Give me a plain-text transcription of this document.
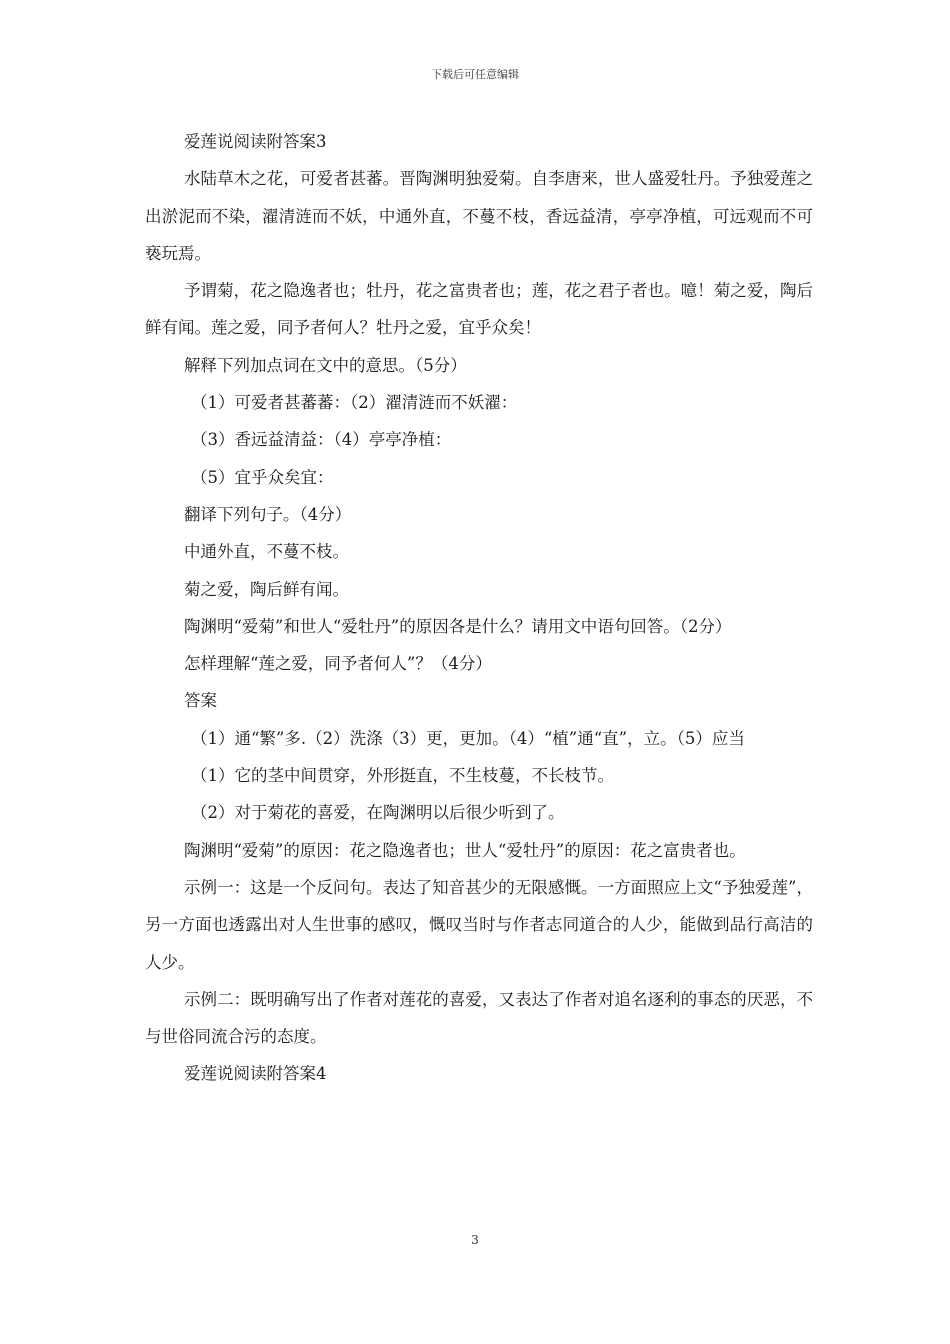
下载后可任意编辑

爱莲说阅读附答案3

水陆草木之花，可爱者甚蕃。晋陶渊明独爱菊。自李唐来，世人盛爱牡丹。予独爱莲之出淤泥而不染，濯清涟而不妖，中通外直，不蔓不枝，香远益清，亭亭净植，可远观而不可亵玩焉。

予谓菊，花之隐逸者也；牡丹，花之富贵者也；莲，花之君子者也。噫！菊之爱，陶后鲜有闻。莲之爱，同予者何人？牡丹之爱，宜乎众矣！

解释下列加点词在文中的意思。（5分）

（1）可爱者甚蕃蕃：（2）濯清涟而不妖濯：

（3）香远益清益：（4）亭亭净植：

（5）宜乎众矣宜：

翻译下列句子。（4分）

中通外直，不蔓不枝。

菊之爱，陶后鲜有闻。

陶渊明“爱菊”和世人“爱牡丹”的原因各是什么？请用文中语句回答。（2分）

怎样理解“莲之爱，同予者何人”？（4分）

答案

（1）通“繁”多.（2）洗涤（3）更，更加。（4）“植”通“直”，立。（5）应当

（1）它的茎中间贯穿，外形挺直，不生枝蔓，不长枝节。

（2）对于菊花的喜爱，在陶渊明以后很少听到了。

陶渊明“爱菊”的原因：花之隐逸者也；世人“爱牡丹”的原因：花之富贵者也。

示例一：这是一个反问句。表达了知音甚少的无限感慨。一方面照应上文“予独爱莲”，另一方面也透露出对人生世事的感叹，慨叹当时与作者志同道合的人少，能做到品行高洁的人少。

示例二：既明确写出了作者对莲花的喜爱，又表达了作者对追名逐利的事态的厌恶，不与世俗同流合污的态度。

爱莲说阅读附答案4

3
